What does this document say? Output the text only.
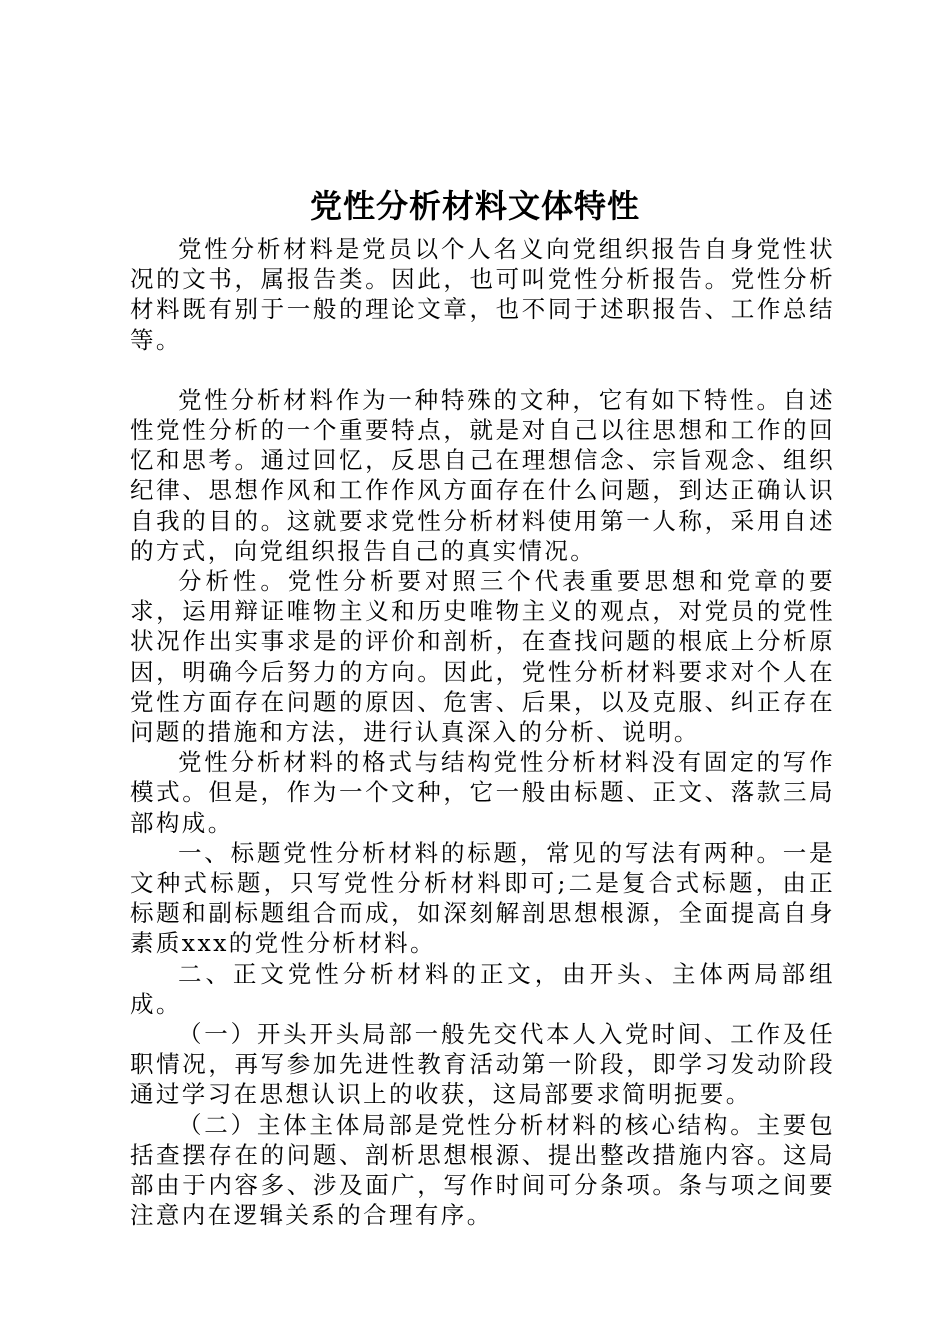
党性分析材料文体特性

党性分析材料是党员以个人名义向党组织报告自身党性状况的文书，属报告类。因此，也可叫党性分析报告。党性分析材料既有别于一般的理论文章，也不同于述职报告、工作总结等。

党性分析材料作为一种特殊的文种，它有如下特性。自述性党性分析的一个重要特点，就是对自己以往思想和工作的回忆和思考。通过回忆，反思自己在理想信念、宗旨观念、组织纪律、思想作风和工作作风方面存在什么问题，到达正确认识自我的目的。这就要求党性分析材料使用第一人称，采用自述的方式，向党组织报告自己的真实情况。

分析性。党性分析要对照三个代表重要思想和党章的要求，运用辩证唯物主义和历史唯物主义的观点，对党员的党性状况作出实事求是的评价和剖析，在查找问题的根底上分析原因，明确今后努力的方向。因此，党性分析材料要求对个人在党性方面存在问题的原因、危害、后果，以及克服、纠正存在问题的措施和方法，进行认真深入的分析、说明。

党性分析材料的格式与结构党性分析材料没有固定的写作模式。但是，作为一个文种，它一般由标题、正文、落款三局部构成。

一、标题党性分析材料的标题，常见的写法有两种。一是文种式标题，只写党性分析材料即可;二是复合式标题，由正标题和副标题组合而成，如深刻解剖思想根源，全面提高自身素质xxx的党性分析材料。

二、正文党性分析材料的正文，由开头、主体两局部组成。

（一）开头开头局部一般先交代本人入党时间、工作及任职情况，再写参加先进性教育活动第一阶段，即学习发动阶段通过学习在思想认识上的收获，这局部要求简明扼要。

（二）主体主体局部是党性分析材料的核心结构。主要包括查摆存在的问题、剖析思想根源、提出整改措施内容。这局部由于内容多、涉及面广，写作时间可分条项。条与项之间要注意内在逻辑关系的合理有序。
